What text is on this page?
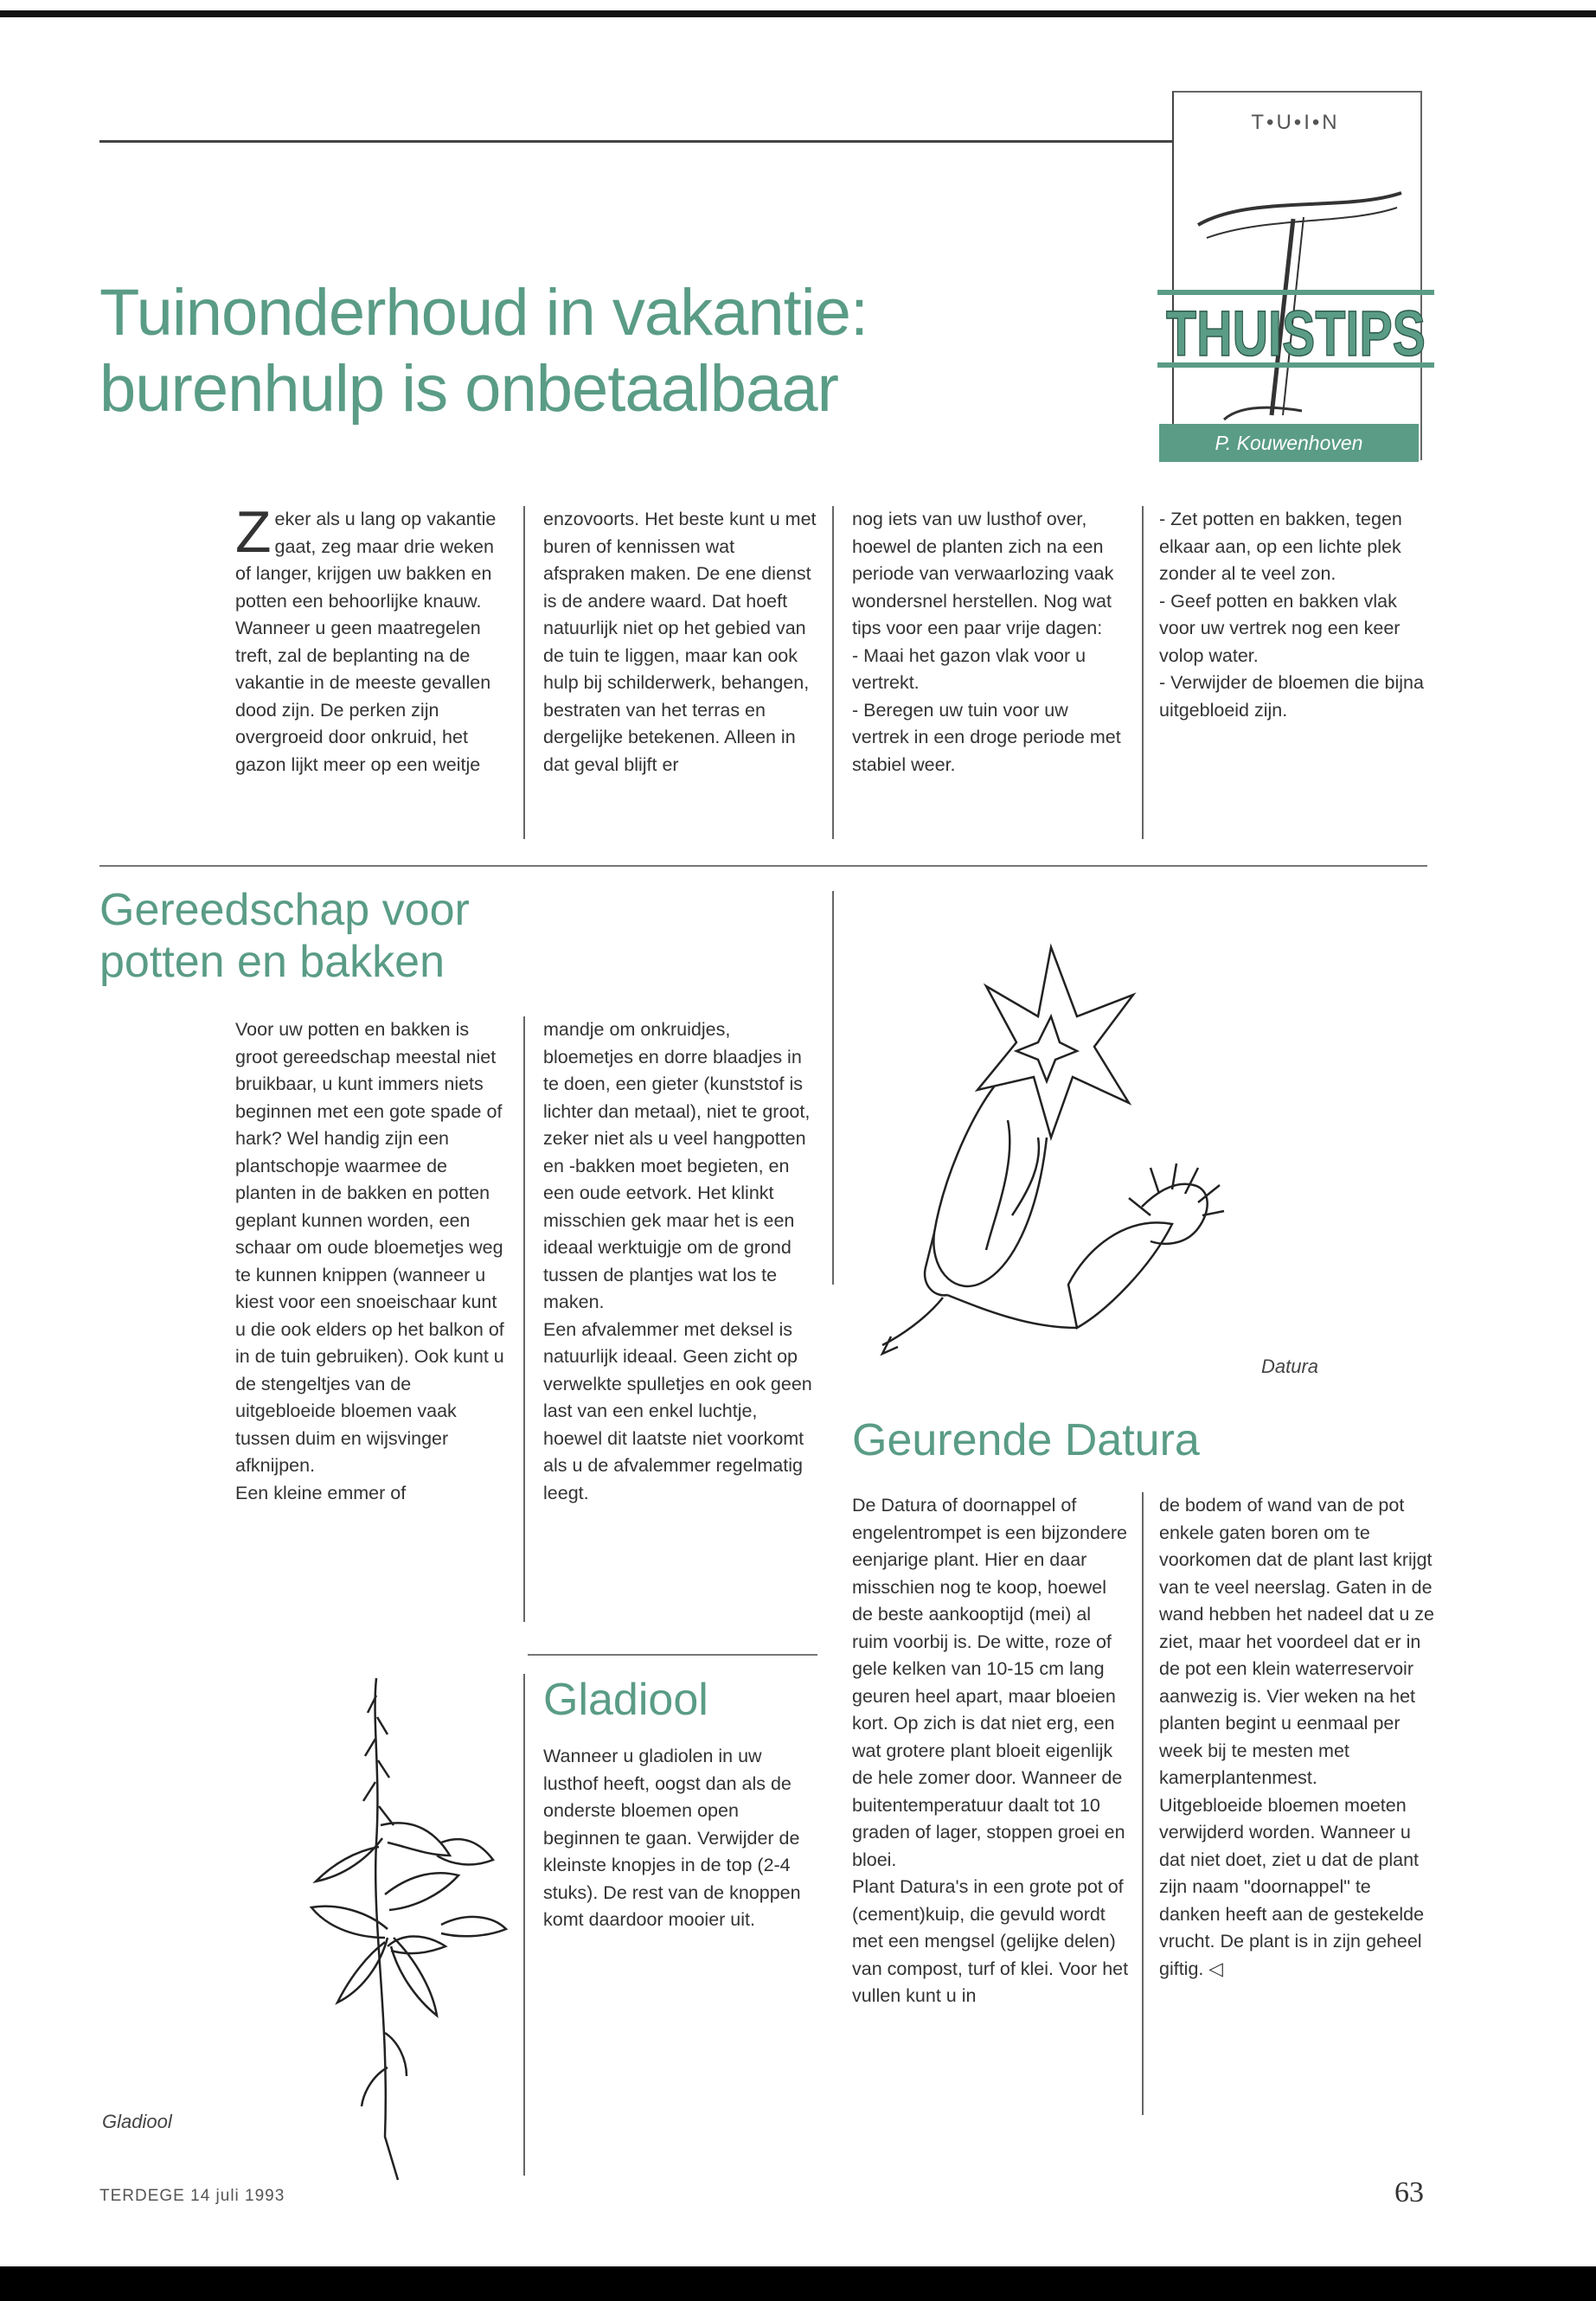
T•U•I•N
THUISTIPS
P. Kouwenhoven
Tuinonderhoud in vakantie:
burenhulp is onbetaalbaar
Zeker als u lang op vakantie gaat, zeg maar drie weken of langer, krijgen uw bakken en potten een behoorlijke knauw. Wanneer u geen maatregelen treft, zal de beplanting na de vakantie in de meeste gevallen dood zijn. De perken zijn overgroeid door onkruid, het gazon lijkt meer op een weitje
enzovoorts. Het beste kunt u met buren of kennissen wat afspraken maken. De ene dienst is de andere waard. Dat hoeft natuurlijk niet op het gebied van de tuin te liggen, maar kan ook hulp bij schilderwerk, behangen, bestraten van het terras en dergelijke betekenen. Alleen in dat geval blijft er

nog iets van uw lusthof over, hoewel de planten zich na een periode van verwaarlozing vaak wondersnel herstellen. Nog wat tips voor een paar vrije dagen:

- Maai het gazon vlak voor u vertrekt.

- Beregen uw tuin voor uw vertrek in een droge periode met stabiel weer.

- Zet potten en bakken, tegen elkaar aan, op een lichte plek zonder al te veel zon.

- Geef potten en bakken vlak voor uw vertrek nog een keer volop water.

- Verwijder de bloemen die bijna uitgebloeid zijn.

Gereedschap voor
potten en bakken

Voor uw potten en bakken is groot gereedschap meestal niet bruikbaar, u kunt immers niets beginnen met een gote spade of hark? Wel handig zijn een plantschopje waarmee de planten in de bakken en potten geplant kunnen worden, een schaar om oude bloemetjes weg te kunnen knippen (wanneer u kiest voor een snoeischaar kunt u die ook elders op het balkon of in de tuin gebruiken). Ook kunt u de stengeltjes van de uitgebloeide bloemen vaak tussen duim en wijsvinger afknijpen.

Een kleine emmer of

mandje om onkruidjes, bloemetjes en dorre blaadjes in te doen, een gieter (kunststof is lichter dan metaal), niet te groot, zeker niet als u veel hangpotten en -bakken moet begieten, en een oude eetvork. Het klinkt misschien gek maar het is een ideaal werktuigje om de grond tussen de plantjes wat los te maken.

Een afvalemmer met deksel is natuurlijk ideaal. Geen zicht op verwelkte spulletjes en ook geen last van een enkel luchtje, hoewel dit laatste niet voorkomt als u de afvalemmer regelmatig leegt.

Datura
Geurende Datura

De Datura of doornappel of engelentrompet is een bijzondere eenjarige plant. Hier en daar misschien nog te koop, hoewel de beste aankooptijd (mei) al ruim voorbij is. De witte, roze of gele kelken van 10-15 cm lang geuren heel apart, maar bloeien kort. Op zich is dat niet erg, een wat grotere plant bloeit eigenlijk de hele zomer door. Wanneer de buitentemperatuur daalt tot 10 graden of lager, stoppen groei en bloei.

Plant Datura's in een grote pot of (cement)kuip, die gevuld wordt met een mengsel (gelijke delen) van compost, turf of klei. Voor het vullen kunt u in

de bodem of wand van de pot enkele gaten boren om te voorkomen dat de plant last krijgt van te veel neerslag. Gaten in de wand hebben het nadeel dat u ze ziet, maar het voordeel dat er in de pot een klein waterreservoir aanwezig is. Vier weken na het planten begint u eenmaal per week bij te mesten met kamerplantenmest.

Uitgebloeide bloemen moeten verwijderd worden. Wanneer u dat niet doet, ziet u dat de plant zijn naam "doornappel" te danken heeft aan de gestekelde vrucht. De plant is in zijn geheel giftig. ◁

Gladiool

Wanneer u gladiolen in uw lusthof heeft, oogst dan als de onderste bloemen open beginnen te gaan. Verwijder de kleinste knopjes in de top (2-4 stuks). De rest van de knoppen komt daardoor mooier uit.

Gladiool
TERDEGE 14 juli 1993	63
